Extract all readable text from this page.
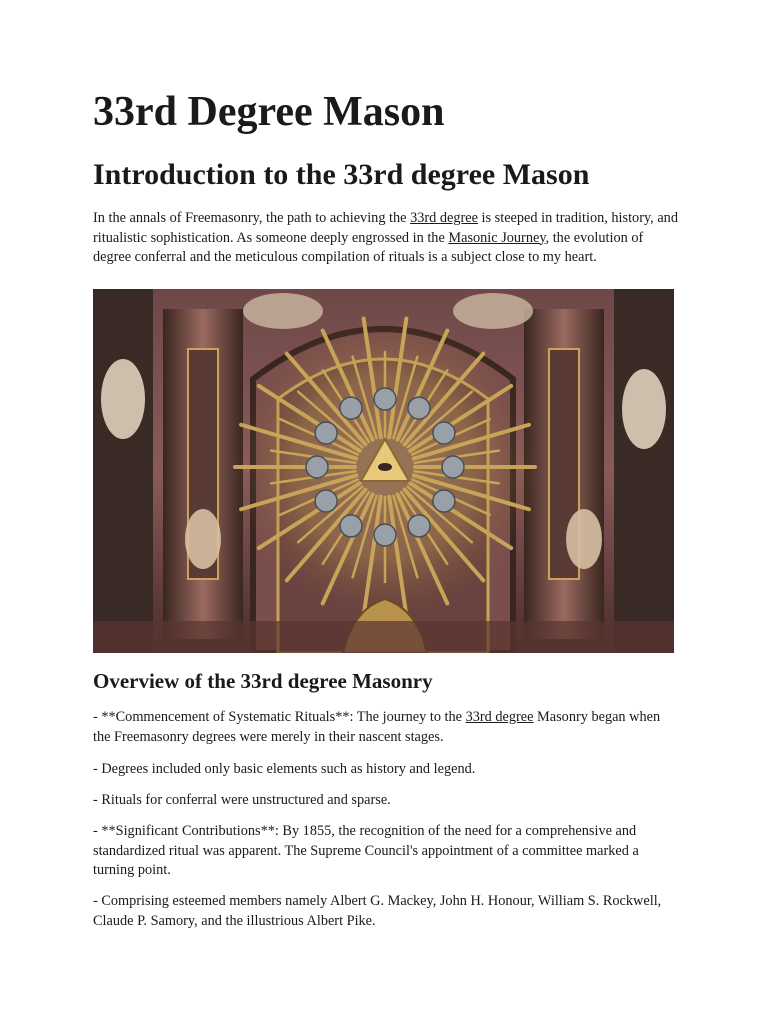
33rd Degree Mason
Introduction to the 33rd degree Mason

In the annals of Freemasonry, the path to achieving the 33rd degree is steeped in tradition, history, and ritualistic sophistication. As someone deeply engrossed in the Masonic Journey, the evolution of degree conferral and the meticulous compilation of rituals is a subject close to my heart.

Overview of the 33rd degree Masonry

- **Commencement of Systematic Rituals**: The journey to the 33rd degree Masonry began when the Freemasonry degrees were merely in their nascent stages.

- Degrees included only basic elements such as history and legend.

- Rituals for conferral were unstructured and sparse.

- **Significant Contributions**: By 1855, the recognition of the need for a comprehensive and standardized ritual was apparent. The Supreme Council's appointment of a committee marked a turning point.

- Comprising esteemed members namely Albert G. Mackey, John H. Honour, William S. Rockwell, Claude P. Samory, and the illustrious Albert Pike.
